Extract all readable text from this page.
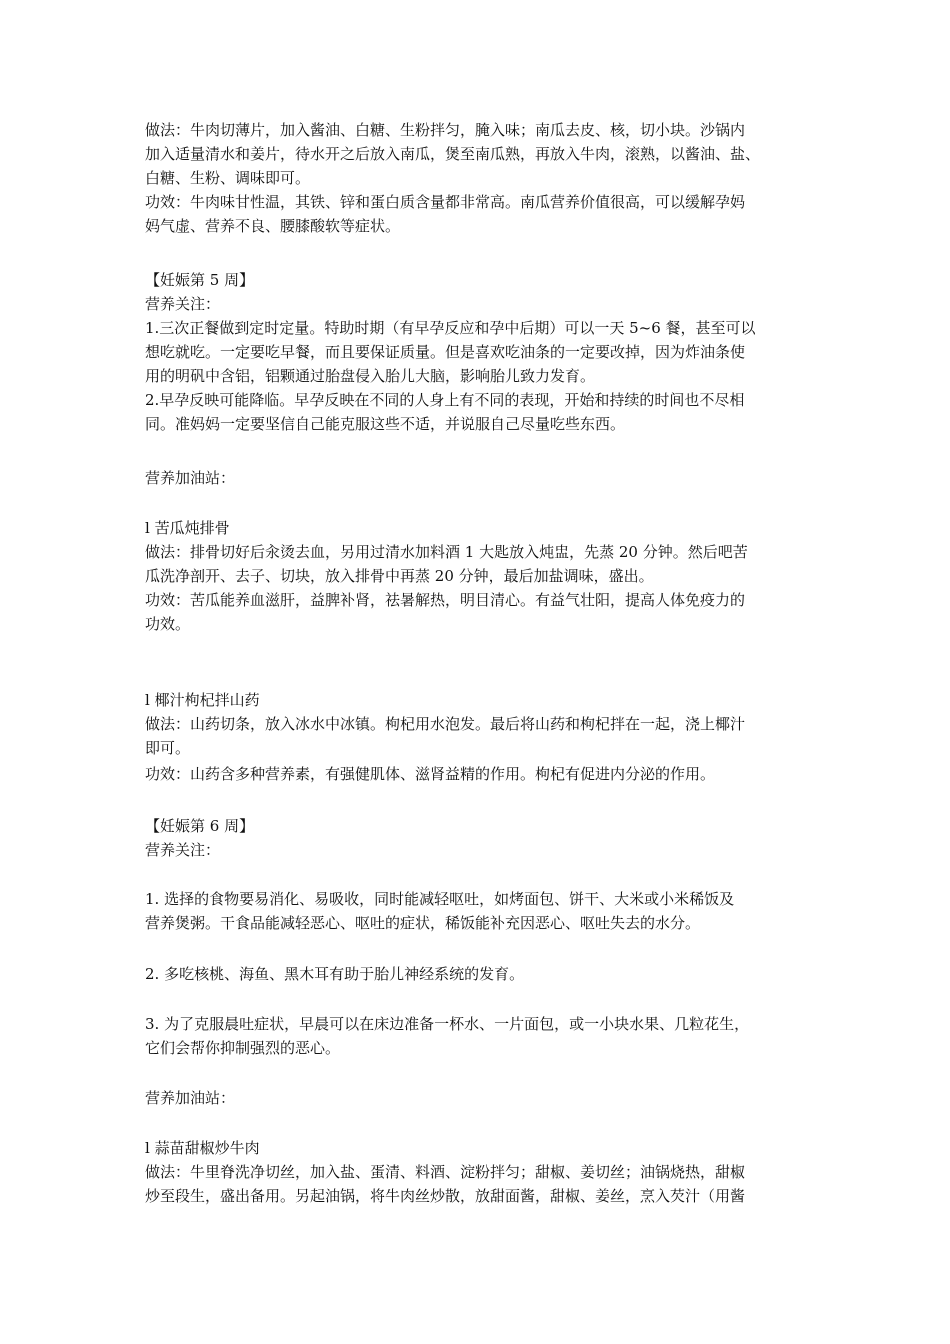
做法：牛肉切薄片，加入酱油、白糖、生粉拌匀，腌入味；南瓜去皮、核，切小块。沙锅内
加入适量清水和姜片，待水开之后放入南瓜，煲至南瓜熟，再放入牛肉，滚熟，以酱油、盐、
白糖、生粉、调味即可。
功效：牛肉味甘性温，其铁、锌和蛋白质含量都非常高。南瓜营养价值很高，可以缓解孕妈
妈气虚、营养不良、腰膝酸软等症状。
【妊娠第 5 周】
营养关注：
1.三次正餐做到定时定量。特助时期（有早孕反应和孕中后期）可以一天 5~6 餐，甚至可以
想吃就吃。一定要吃早餐，而且要保证质量。但是喜欢吃油条的一定要改掉，因为炸油条使
用的明矾中含铝，铝颗通过胎盘侵入胎儿大脑，影响胎儿致力发育。
2.早孕反映可能降临。早孕反映在不同的人身上有不同的表现，开始和持续的时间也不尽相
同。准妈妈一定要坚信自己能克服这些不适，并说服自己尽量吃些东西。
营养加油站：
l 苦瓜炖排骨
做法：排骨切好后汆烫去血，另用过清水加料酒 1 大匙放入炖盅，先蒸 20 分钟。然后吧苦
瓜洗净剖开、去子、切块，放入排骨中再蒸 20 分钟，最后加盐调味，盛出。
功效：苦瓜能养血滋肝，益脾补肾，祛暑解热，明目清心。有益气壮阳，提高人体免疫力的
功效。
l 椰汁枸杞拌山药
做法：山药切条，放入冰水中冰镇。枸杞用水泡发。最后将山药和枸杞拌在一起，浇上椰汁
即可。
功效：山药含多种营养素，有强健肌体、滋肾益精的作用。枸杞有促进内分泌的作用。
【妊娠第 6 周】
营养关注：
1. 选择的食物要易消化、易吸收，同时能减轻呕吐，如烤面包、饼干、大米或小米稀饭及
营养煲粥。干食品能减轻恶心、呕吐的症状，稀饭能补充因恶心、呕吐失去的水分。
2. 多吃核桃、海鱼、黑木耳有助于胎儿神经系统的发育。
3. 为了克服晨吐症状，早晨可以在床边准备一杯水、一片面包，或一小块水果、几粒花生，
它们会帮你抑制强烈的恶心。
营养加油站：
l 蒜苗甜椒炒牛肉
做法：牛里脊洗净切丝，加入盐、蛋清、料酒、淀粉拌匀；甜椒、姜切丝；油锅烧热，甜椒
炒至段生，盛出备用。另起油锅，将牛肉丝炒散，放甜面酱，甜椒、姜丝，烹入芡汁（用酱
